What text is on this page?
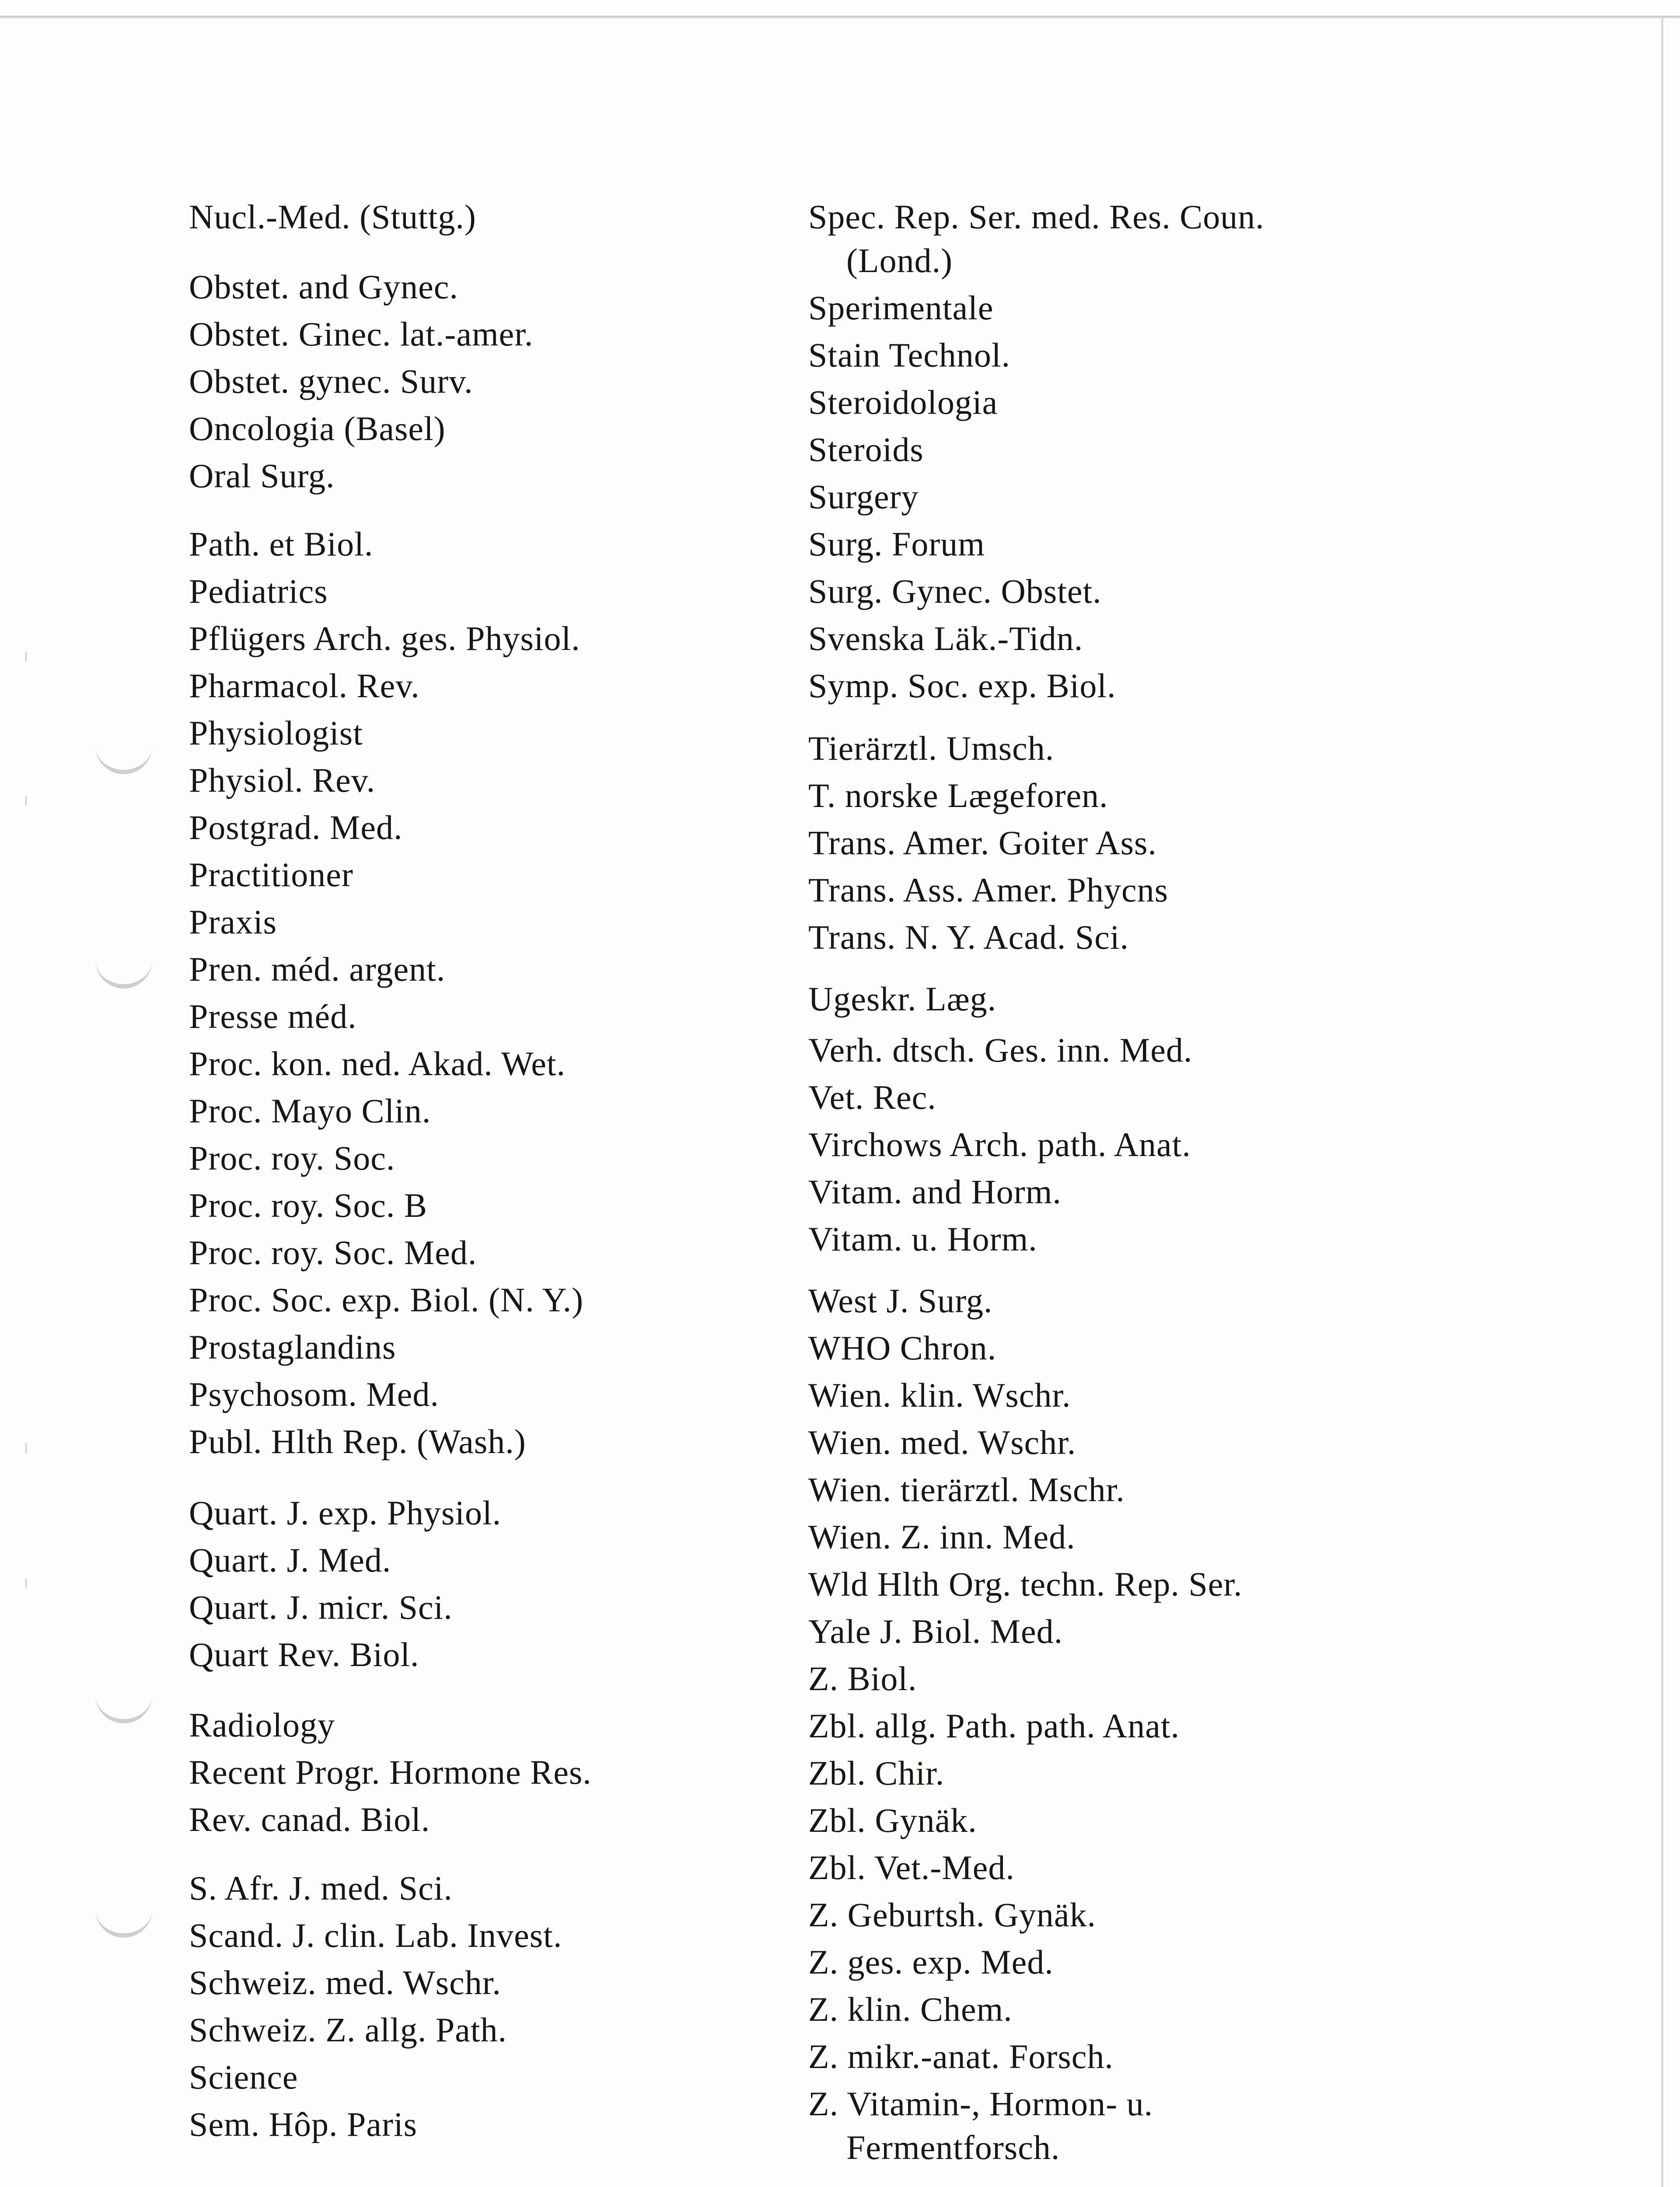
Nucl.-Med. (Stuttg.)
Obstet. and Gynec.
Obstet. Ginec. lat.-amer.
Obstet. gynec. Surv.
Oncologia (Basel)
Oral Surg.
Path. et Biol.
Pediatrics
Pflügers Arch. ges. Physiol.
Pharmacol. Rev.
Physiologist
Physiol. Rev.
Postgrad. Med.
Practitioner
Praxis
Pren. méd. argent.
Presse méd.
Proc. kon. ned. Akad. Wet.
Proc. Mayo Clin.
Proc. roy. Soc.
Proc. roy. Soc. B
Proc. roy. Soc. Med.
Proc. Soc. exp. Biol. (N. Y.)
Prostaglandins
Psychosom. Med.
Publ. Hlth Rep. (Wash.)
Quart. J. exp. Physiol.
Quart. J. Med.
Quart. J. micr. Sci.
Quart Rev. Biol.
Radiology
Recent Progr. Hormone Res.
Rev. canad. Biol.
S. Afr. J. med. Sci.
Scand. J. clin. Lab. Invest.
Schweiz. med. Wschr.
Schweiz. Z. allg. Path.
Science
Sem. Hôp. Paris
Spec. Rep. Ser. med. Res. Coun.
(Lond.)
Sperimentale
Stain Technol.
Steroidologia
Steroids
Surgery
Surg. Forum
Surg. Gynec. Obstet.
Svenska Läk.-Tidn.
Symp. Soc. exp. Biol.
Tierärztl. Umsch.
T. norske Lægeforen.
Trans. Amer. Goiter Ass.
Trans. Ass. Amer. Phycns
Trans. N. Y. Acad. Sci.
Ugeskr. Læg.
Verh. dtsch. Ges. inn. Med.
Vet. Rec.
Virchows Arch. path. Anat.
Vitam. and Horm.
Vitam. u. Horm.
West J. Surg.
WHO Chron.
Wien. klin. Wschr.
Wien. med. Wschr.
Wien. tierärztl. Mschr.
Wien. Z. inn. Med.
Wld Hlth Org. techn. Rep. Ser.
Yale J. Biol. Med.
Z. Biol.
Zbl. allg. Path. path. Anat.
Zbl. Chir.
Zbl. Gynäk.
Zbl. Vet.-Med.
Z. Geburtsh. Gynäk.
Z. ges. exp. Med.
Z. klin. Chem.
Z. mikr.-anat. Forsch.
Z. Vitamin-, Hormon- u.
Fermentforsch.
